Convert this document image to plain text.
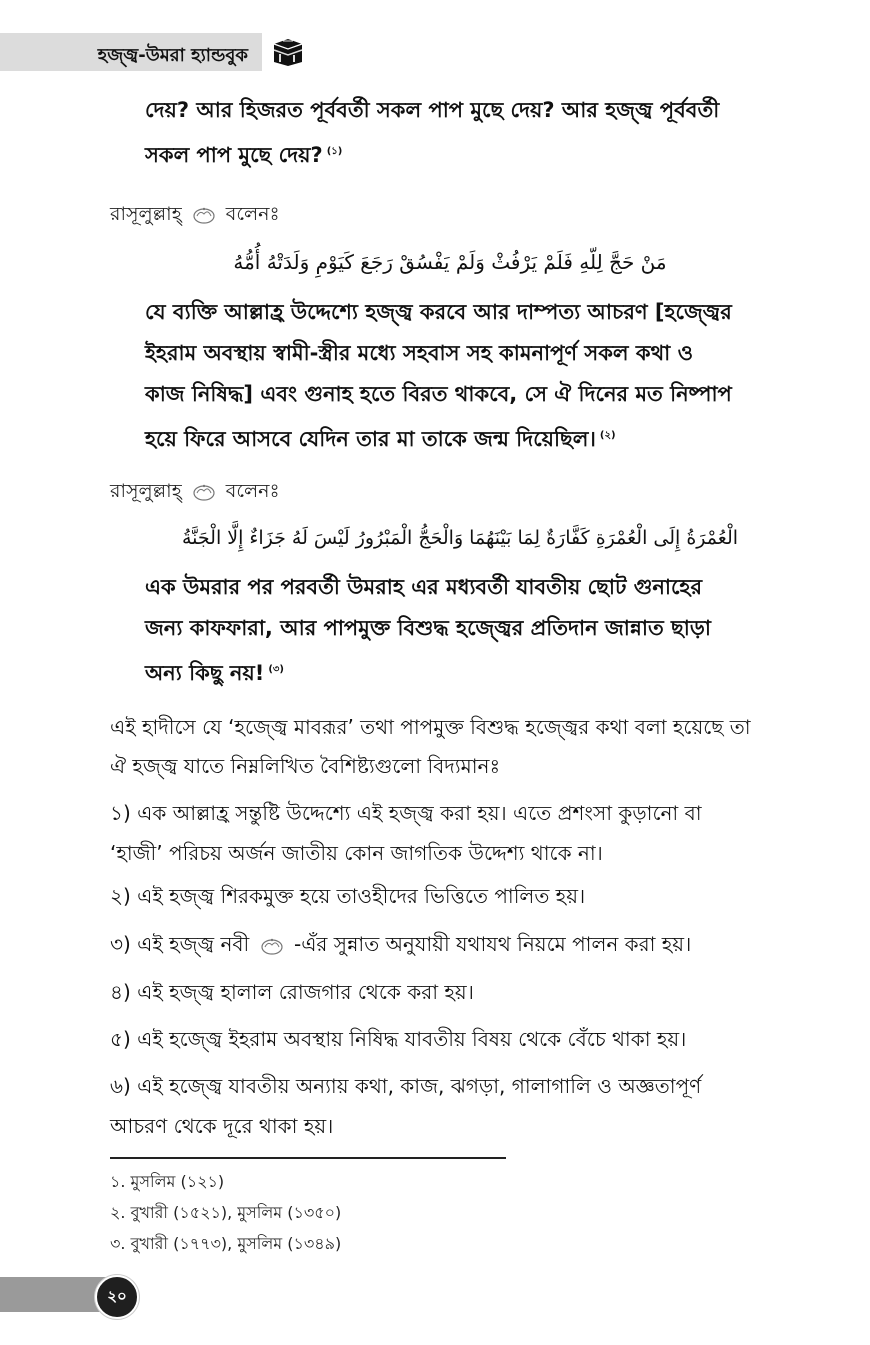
হজ্জ্ব-উমরা হ্যান্ডবুক
দেয়? আর হিজরত পূর্ববর্তী সকল পাপ মুছে দেয়? আর হজ্জ্ব পূর্ববর্তী
সকল পাপ মুছে দেয়? $^{(১)}$
রাসূলুল্লাহ্ বলেনঃ
مَنْ حَجَّ لِلّهِ فَلَمْ يَرْفُثْ وَلَمْ يَفْسُقْ رَجَعَ كَيَوْمِ وَلَدَتْهُ أُمُّهُ
যে ব্যক্তি আল্লাহ্র উদ্দেশ্যে হজ্জ্ব করবে আর দাম্পত্য আচরণ [হজ্জ্বের
ইহরাম অবস্থায় স্বামী-স্ত্রীর মধ্যে সহবাস সহ কামনাপূর্ণ সকল কথা ও
কাজ নিষিদ্ধ] এবং গুনাহ হতে বিরত থাকবে, সে ঐ দিনের মত নিষ্পাপ
হয়ে ফিরে আসবে যেদিন তার মা তাকে জন্ম দিয়েছিল। $^{(২)}$
রাসূলুল্লাহ্ বলেনঃ
الْعُمْرَةُ إِلَى الْعُمْرَةِ كَفَّارَةٌ لِمَا بَيْنَهُمَا وَالْحَجُّ الْمَبْرُورُ لَيْسَ لَهُ جَزَاءٌ إِلَّا الْجَنَّةُ
এক উমরার পর পরবর্তী উমরাহ এর মধ্যবর্তী যাবতীয় ছোট গুনাহের
জন্য কাফফারা, আর পাপমুক্ত বিশুদ্ধ হজ্জ্বের প্রতিদান জান্নাত ছাড়া
অন্য কিছু নয়! $^{(৩)}$
এই হাদীসে যে ‘হজ্জ্বে মাবরূর’ তথা পাপমুক্ত বিশুদ্ধ হজ্জ্বের কথা বলা হয়েছে তা
ঐ হজ্জ্ব যাতে নিম্নলিখিত বৈশিষ্ট্যগুলো বিদ্যমানঃ
১) এক আল্লাহ্র সন্তুষ্টি উদ্দেশ্যে এই হজ্জ্ব করা হয়। এতে প্রশংসা কুড়ানো বা
‘হাজী’ পরিচয় অর্জন জাতীয় কোন জাগতিক উদ্দেশ্য থাকে না।
২) এই হজ্জ্ব শিরকমুক্ত হয়ে তাওহীদের ভিত্তিতে পালিত হয়।
৩) এই হজ্জ্ব নবী -এঁর সুন্নাত অনুযায়ী যথাযথ নিয়মে পালন করা হয়।
৪) এই হজ্জ্ব হালাল রোজগার থেকে করা হয়।
৫) এই হজ্জ্বে ইহরাম অবস্থায় নিষিদ্ধ যাবতীয় বিষয় থেকে বেঁচে থাকা হয়।
৬) এই হজ্জ্বে যাবতীয় অন্যায় কথা, কাজ, ঝগড়া, গালাগালি ও অজ্ঞতাপূর্ণ
আচরণ থেকে দূরে থাকা হয়।
১. মুসলিম (১২১)
২. বুখারী (১৫২১), মুসলিম (১৩৫০)
৩. বুখারী (১৭৭৩), মুসলিম (১৩৪৯)
২০
